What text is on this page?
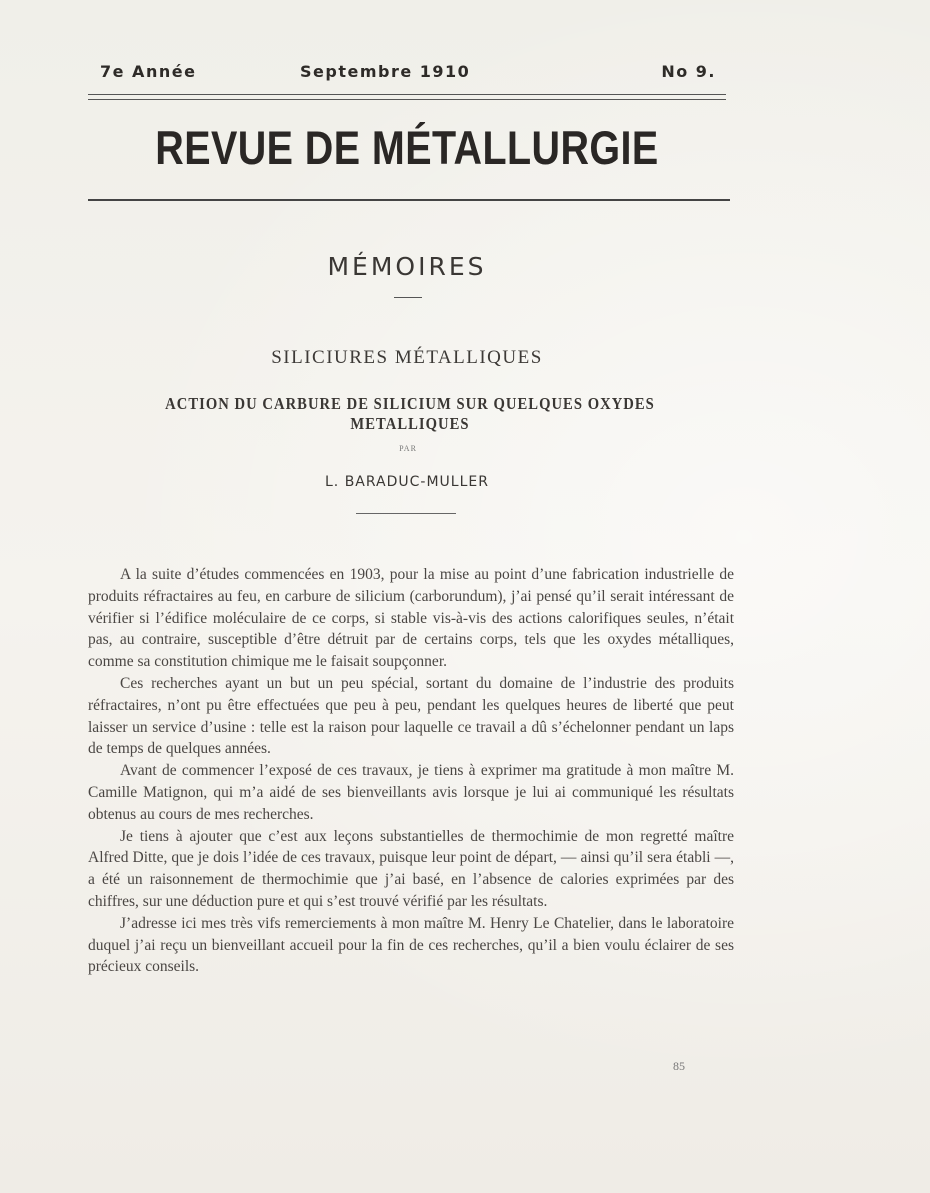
7e Année	Septembre 1910	No 9.
REVUE DE MÉTALLURGIE
MÉMOIRES
SILICIURES MÉTALLIQUES
ACTION DU CARBURE DE SILICIUM SUR QUELQUES OXYDES METALLIQUES
PAR
L. BARADUC-MULLER

A la suite d’études commencées en 1903, pour la mise au point d’une fabrication industrielle de produits réfractaires au feu, en carbure de silicium (carborundum), j’ai pensé qu’il serait intéressant de vérifier si l’édifice moléculaire de ce corps, si stable vis-à-vis des actions calorifiques seules, n’était pas, au contraire, susceptible d’être détruit par de certains corps, tels que les oxydes métalliques, comme sa constitution chimique me le faisait soupçonner.

Ces recherches ayant un but un peu spécial, sortant du domaine de l’industrie des produits réfractaires, n’ont pu être effectuées que peu à peu, pendant les quelques heures de liberté que peut laisser un service d’usine : telle est la raison pour laquelle ce travail a dû s’échelonner pendant un laps de temps de quelques années.

Avant de commencer l’exposé de ces travaux, je tiens à exprimer ma gratitude à mon maître M. Camille Matignon, qui m’a aidé de ses bienveillants avis lorsque je lui ai communiqué les résultats obtenus au cours de mes recherches.

Je tiens à ajouter que c’est aux leçons substantielles de thermochimie de mon regretté maître Alfred Ditte, que je dois l’idée de ces travaux, puisque leur point de départ, — ainsi qu’il sera établi —, a été un raisonnement de thermochimie que j’ai basé, en l’absence de calories exprimées par des chiffres, sur une déduction pure et qui s’est trouvé vérifié par les résultats.

J’adresse ici mes très vifs remerciements à mon maître M. Henry Le Chatelier, dans le laboratoire duquel j’ai reçu un bienveillant accueil pour la fin de ces recherches, qu’il a bien voulu éclairer de ses précieux conseils.

85
